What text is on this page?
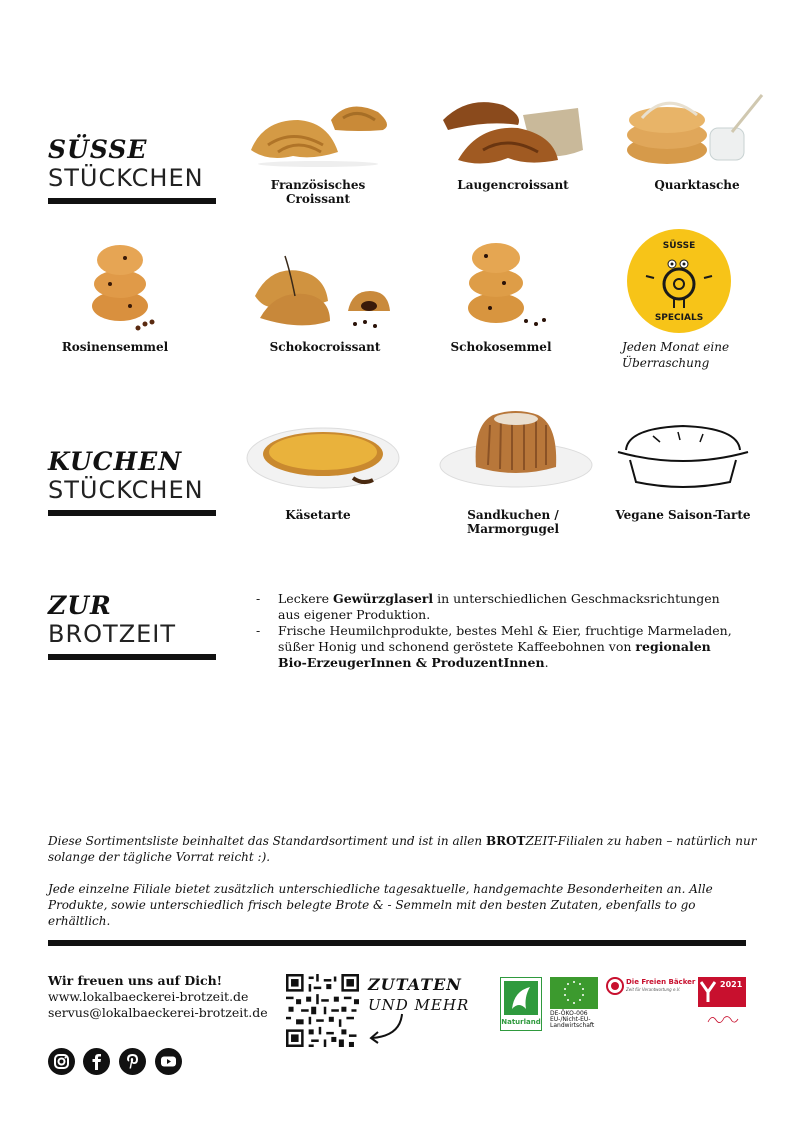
SÜSSE
STÜCKCHEN	Französisches Croissant
Laugencroissant	Quarktasche
Rosinensemmel	Schokocroissant	Schokosemmel
SÜSSE
SPECIALS
Jeden Monat eine
Überraschung
KUCHEN
STÜCKCHEN
Käsetarte	Sandkuchen /
Marmorgugel
Vegane Saison-Tarte
ZUR
BROTZEIT
- Leckere Gewürzglaserl in unterschiedlichen Geschmacksrichtungen aus eigener Produktion.
- Frische Heumilchprodukte, bestes Mehl & Eier, fruchtige Marmeladen, süßer Honig und schonend geröstete Kaffeebohnen von regionalen Bio-ErzeugerInnen & ProduzentInnen.
Diese Sortimentsliste beinhaltet das Standardsortiment und ist in allen BROTZEIT-Filialen zu haben – natürlich nur solange der tägliche Vorrat reicht :).
Jede einzelne Filiale bietet zusätzlich unterschiedliche tagesaktuelle, handgemachte Besonderheiten an. Alle Produkte, sowie unterschiedlich frisch belegte Brote & - Semmeln mit den besten Zutaten, ebenfalls to go erhältlich.
Wir freuen uns auf Dich!
www.lokalbaeckerei-brotzeit.de
servus@lokalbaeckerei-brotzeit.de
ZUTATEN
UND MEHR
Naturland
DE-ÖKO-006
EU-/Nicht-EU-
Landwirtschaft
Die Freien Bäcker
Zeit für Verantwortung e.V.
2021
